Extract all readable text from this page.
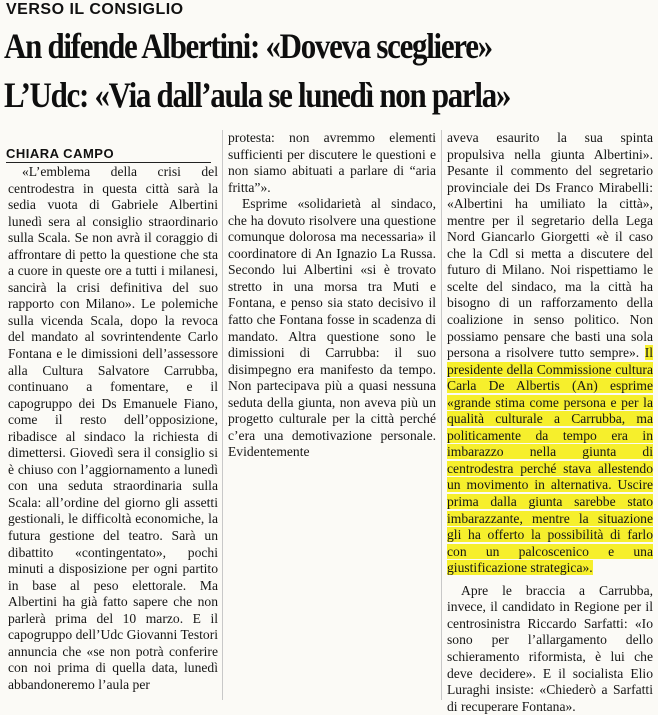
VERSO IL CONSIGLIO
An difende Albertini: «Doveva scegliere»
L’Udc: «Via dall’aula se lunedì non parla»
CHIARA CAMPO

«L’emblema della crisi del centrodestra in questa città sarà la sedia vuota di Gabriele Albertini lunedì sera al consiglio straordinario sulla Scala. Se non avrà il coraggio di affrontare di petto la questione che sta a cuore in queste ore a tutti i milanesi, sancirà la crisi definitiva del suo rapporto con Milano». Le polemiche sulla vicenda Scala, dopo la revoca del mandato al sovrintendente Carlo Fontana e le dimissioni dell’assessore alla Cultura Salvatore Carrubba, continuano a fomentare, e il capogruppo dei Ds Emanuele Fiano, come il resto dell’opposizione, ribadisce al sindaco la richiesta di dimettersi. Giovedì sera il consiglio si è chiuso con l’aggiornamento a lunedì con una seduta straordinaria sulla Scala: all’ordine del giorno gli assetti gestionali, le difficoltà economiche, la futura gestione del teatro. Sarà un dibattito «contingentato», pochi minuti a disposizione per ogni partito in base al peso elettorale. Ma Albertini ha già fatto sapere che non parlerà prima del 10 marzo. E il capogruppo dell’Udc Giovanni Testori annuncia che «se non potrà conferire con noi prima di quella data, lunedì abbandoneremo l’aula per

protesta: non avremmo elementi sufficienti per discutere le questioni e non siamo abituati a parlare di “aria fritta”».

Esprime «solidarietà al sindaco, che ha dovuto risolvere una questione comunque dolorosa ma necessaria» il coordinatore di An Ignazio La Russa. Secondo lui Albertini «si è trovato stretto in una morsa tra Muti e Fontana, e penso sia stato decisivo il fatto che Fontana fosse in scadenza di mandato. Altra questione sono le dimissioni di Carrubba: il suo disimpegno era manifesto da tempo. Non partecipava più a quasi nessuna seduta della giunta, non aveva più un progetto culturale per la città perché c’era una demotivazione personale. Evidentemente

aveva esaurito la sua spinta propulsiva nella giunta Albertini». Pesante il commento del segretario provinciale dei Ds Franco Mirabelli: «Albertini ha umiliato la città», mentre per il segretario della Lega Nord Giancarlo Giorgetti «è il caso che la Cdl si metta a discutere del futuro di Milano. Noi rispettiamo le scelte del sindaco, ma la città ha bisogno di un rafforzamento della coalizione in senso politico. Non possiamo pensare che basti una sola persona a risolvere tutto sempre». Il presidente della Commissione cultura Carla De Albertis (An) esprime «grande stima come persona e per la qualità culturale a Carrubba, ma politicamente da tempo era in imbarazzo nella giunta di centrodestra perché stava allestendo un movimento in alternativa. Uscire prima dalla giunta sarebbe stato imbarazzante, mentre la situazione gli ha offerto la possibilità di farlo con un palcoscenico e una giustificazione strategica».

Apre le braccia a Carrubba, invece, il candidato in Regione per il centrosinistra Riccardo Sarfatti: «Io sono per l’allargamento dello schieramento riformista, è lui che deve decidere». E il socialista Elio Luraghi insiste: «Chiederò a Sarfatti di recuperare Fontana».
